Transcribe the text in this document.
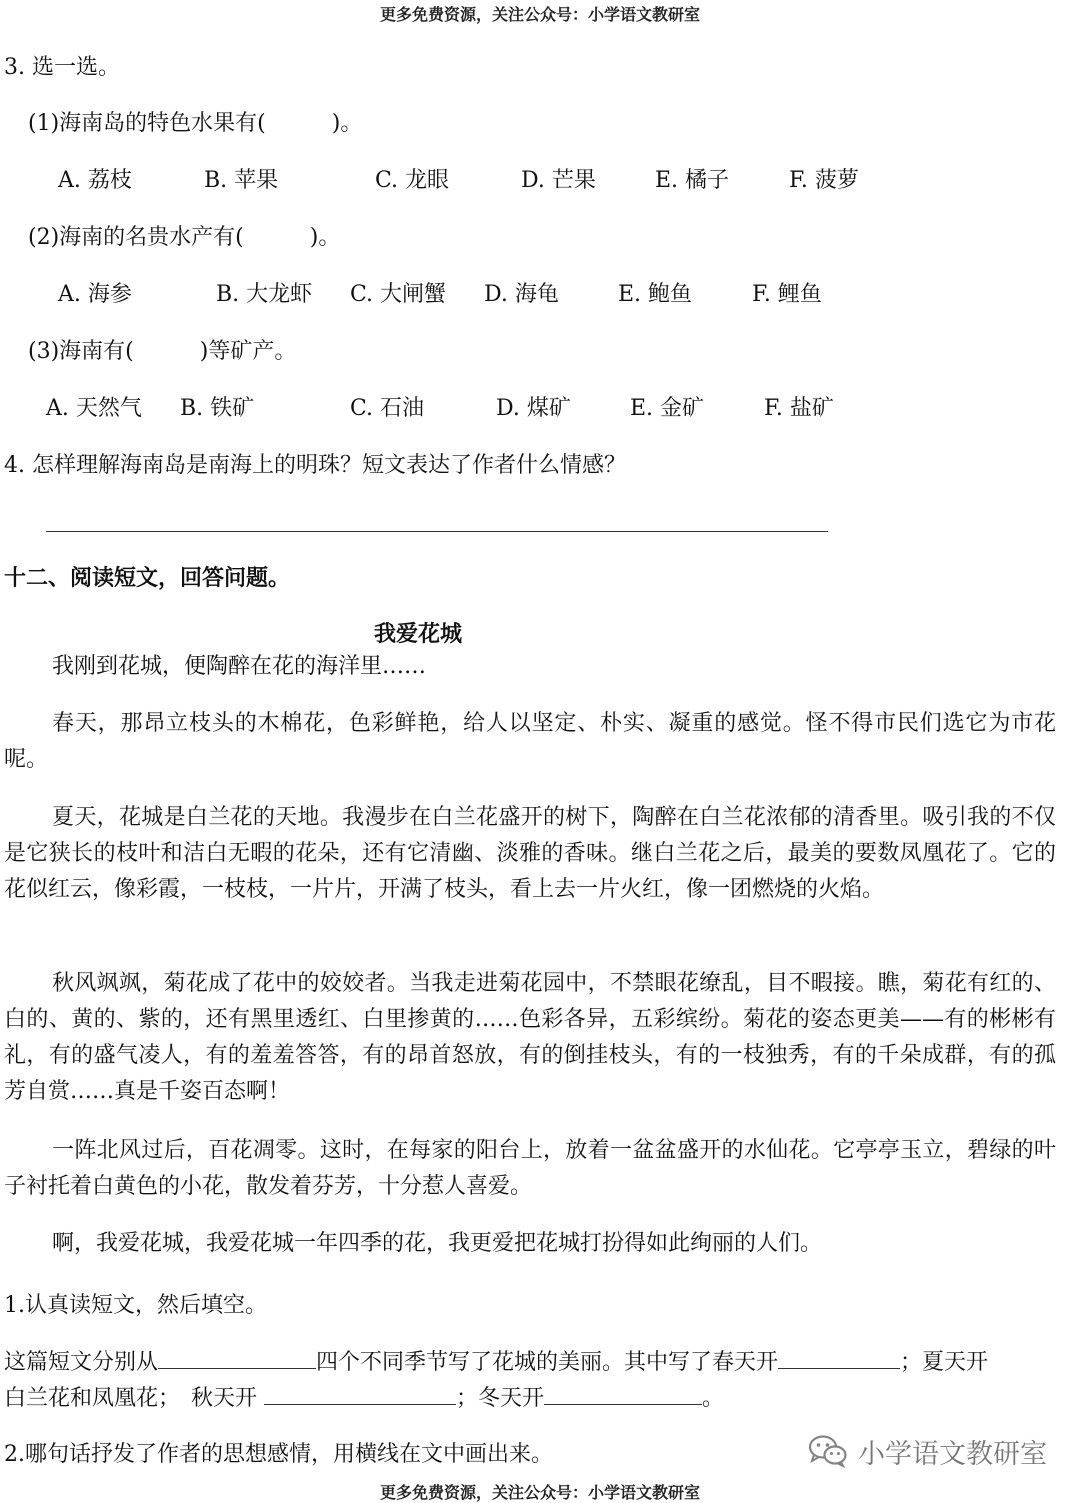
更多免费资源，关注公众号：小学语文教研室
更多免费资源，关注公众号：小学语文教研室
3. 选一选。
(1)海南岛的特色水果有(　　　)。
A. 荔枝	B. 苹果	C. 龙眼	D. 芒果	E. 橘子	F. 菠萝
(2)海南的名贵水产有(　　　)。
A. 海参	B. 大龙虾 C. 大闸蟹 D. 海龟	E. 鲍鱼	F. 鲤鱼
(3)海南有(　　　)等矿产。
A. 天然气 B. 铁矿	C. 石油	D. 煤矿	E. 金矿	F. 盐矿
4. 怎样理解海南岛是南海上的明珠？短文表达了作者什么情感？
十二、阅读短文，回答问题。
我爱花城

我刚到花城，便陶醉在花的海洋里……

春天，那昂立枝头的木棉花，色彩鲜艳，给人以坚定、朴实、凝重的感觉。怪不得市民们选它为市花呢。

夏天，花城是白兰花的天地。我漫步在白兰花盛开的树下，陶醉在白兰花浓郁的清香里。吸引我的不仅是它狭长的枝叶和洁白无暇的花朵，还有它清幽、淡雅的香味。继白兰花之后，最美的要数凤凰花了。它的花似红云，像彩霞，一枝枝，一片片，开满了枝头，看上去一片火红，像一团燃烧的火焰。

秋风飒飒，菊花成了花中的姣姣者。当我走进菊花园中，不禁眼花缭乱，目不暇接。瞧，菊花有红的、白的、黄的、紫的，还有黑里透红、白里掺黄的……色彩各异，五彩缤纷。菊花的姿态更美——有的彬彬有礼，有的盛气凌人，有的羞羞答答，有的昂首怒放，有的倒挂枝头，有的一枝独秀，有的千朵成群，有的孤芳自赏……真是千姿百态啊！

一阵北风过后，百花凋零。这时，在每家的阳台上，放着一盆盆盛开的水仙花。它亭亭玉立，碧绿的叶子衬托着白黄色的小花，散发着芬芳，十分惹人喜爱。

啊，我爱花城，我爱花城一年四季的花，我更爱把花城打扮得如此绚丽的人们。

1.认真读短文，然后填空。
这篇短文分别从	四个不同季节写了花城的美丽。其中写了春天开	；夏天开
白兰花和凤凰花；　秋天开	；冬天开	。
2.哪句话抒发了作者的思想感情，用横线在文中画出来。	小学语文教研室
